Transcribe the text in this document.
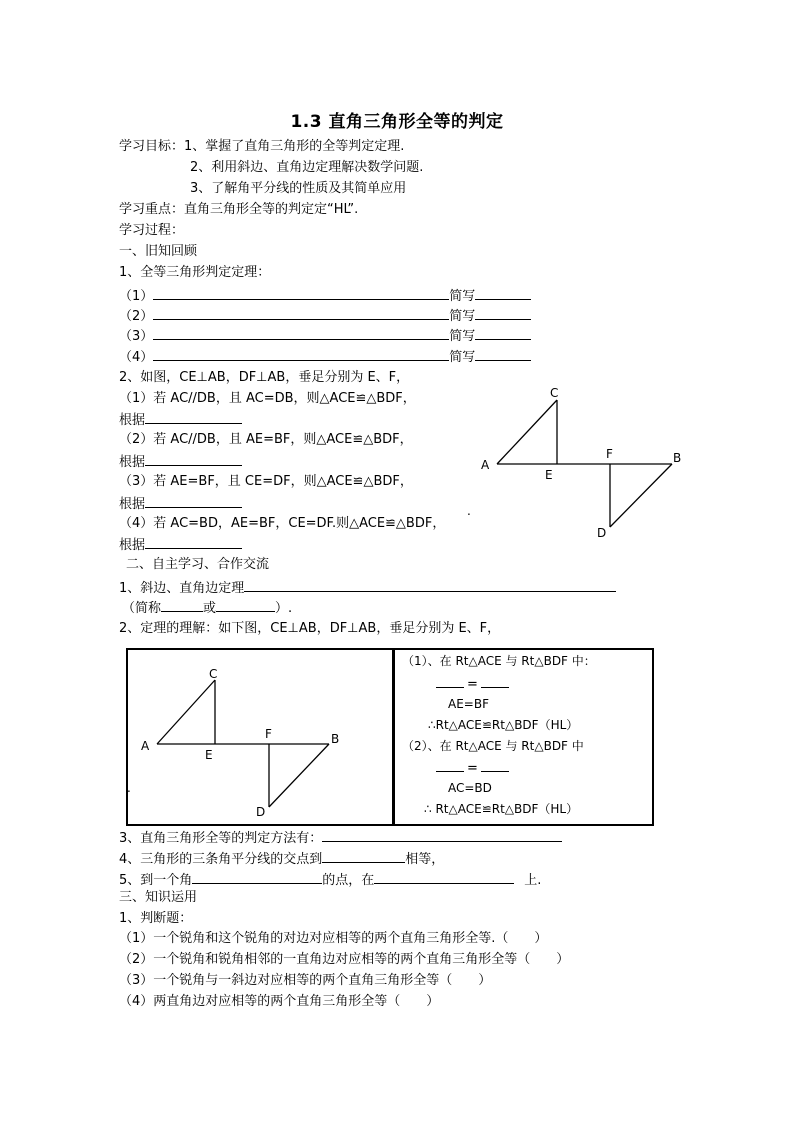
1.3 直角三角形全等的判定
学习目标：1、掌握了直角三角形的全等判定定理.
2、利用斜边、直角边定理解决数学问题.
3、了解角平分线的性质及其简单应用
学习重点：直角三角形全等的判定定“HL”.
学习过程：
一、旧知回顾
1、全等三角形判定定理：
（1）	简写
（2）	简写
（3）	简写
（4）	简写
2、如图，CE⊥AB，DF⊥AB，垂足分别为 E、F，
（1）若 AC//DB，且 AC=DB，则△ACE≌△BDF，
根据
（2）若 AC//DB，且 AE=BF，则△ACE≌△BDF，
根据
（3）若 AE=BF，且 CE=DF，则△ACE≌△BDF，
根据
（4）若 AC=BD，AE=BF，CE=DF.则△ACE≌△BDF，
根据
A
C
E
F	B
D
.
二、自主学习、合作交流
1、斜边、直角边定理
（简称	或	）.
2、定理的理解：如下图，CE⊥AB，DF⊥AB，垂足分别为 E、F，
A
C
E
F	B
D
.
（1）、在 Rt△ACE 与 Rt△BDF 中：
=
AE=BF
∴Rt△ACE≌Rt△BDF（HL）
（2）、在 Rt△ACE 与 Rt△BDF 中
=
AC=BD
∴ Rt△ACE≌Rt△BDF（HL）
3、直角三角形全等的判定方法有：
4、三角形的三条角平分线的交点到	相等，
5、到一个角	的点，在	上.
三、知识运用
1、判断题：
（1）一个锐角和这个锐角的对边对应相等的两个直角三角形全等.（　　）
（2）一个锐角和锐角相邻的一直角边对应相等的两个直角三角形全等（　　）
（3）一个锐角与一斜边对应相等的两个直角三角形全等（　　）
（4）两直角边对应相等的两个直角三角形全等（　　）
